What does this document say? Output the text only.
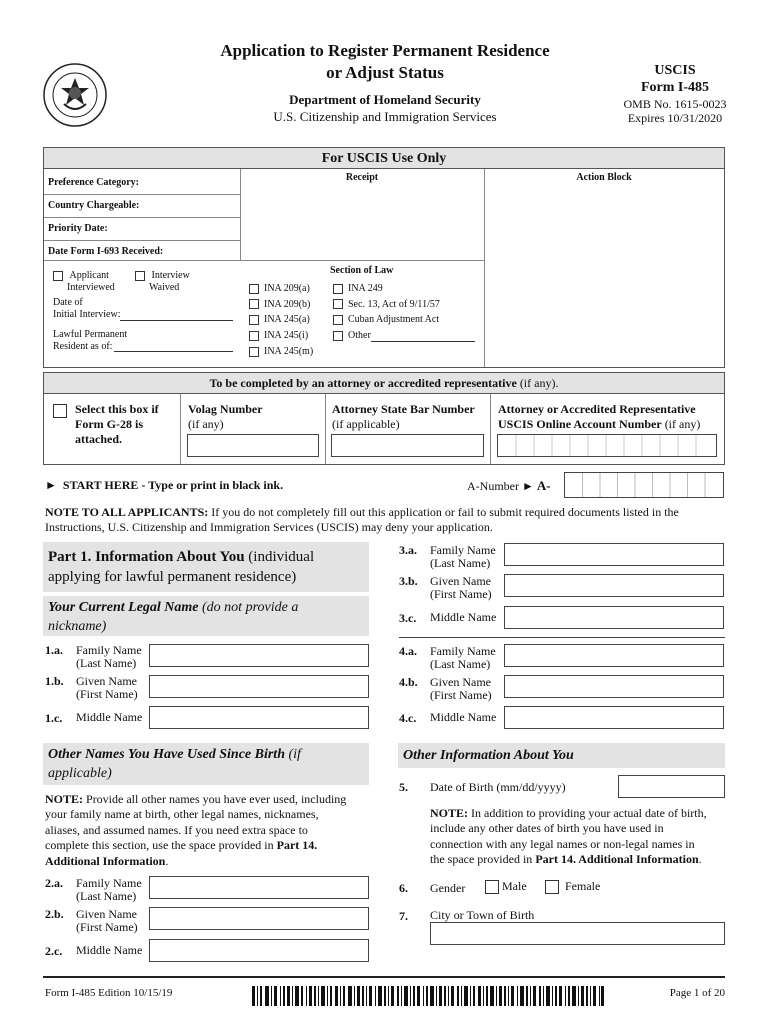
Application to Register Permanent Residence
or Adjust Status
Department of Homeland Security
U.S. Citizenship and Immigration Services
USCIS
Form I-485
OMB No. 1615-0023
Expires 10/31/2020
For USCIS Use Only
Receipt	Action Block
Preference Category:
Country Chargeable:
Priority Date:
Date Form I-693 Received:
Applicant
Interviewed
Interview
Waived
Date of
Initial Interview:
Lawful Permanent
Resident as of:
Section of Law
INA 209(a)
INA 209(b)
INA 245(a)
INA 245(i)
INA 245(m)
INA 249
Sec. 13, Act of 9/11/57
Cuban Adjustment Act
Other
To be completed by an attorney or accredited representative (if any).
Select this box if
Form G-28 is
attached.
Volag Number
(if any)
Attorney State Bar Number
(if applicable)
Attorney or Accredited Representative
USCIS Online Account Number (if any)
► START HERE - Type or print in black ink.	A-Number ► A-
NOTE TO ALL APPLICANTS: If you do not completely fill out this application or fail to submit required documents listed in the
Instructions, U.S. Citizenship and Immigration Services (USCIS) may deny your application.
Part 1. Information About You (individual
applying for lawful permanent residence)
Your Current Legal Name (do not provide a
nickname)
1.a. Family Name
(Last Name)
1.b. Given Name
(First Name)
1.c. Middle Name
Other Names You Have Used Since Birth (if
applicable)
NOTE: Provide all other names you have ever used, including
your family name at birth, other legal names, nicknames,
aliases, and assumed names. If you need extra space to
complete this section, use the space provided in Part 14.
Additional Information.
2.a. Family Name
(Last Name)
2.b. Given Name
(First Name)
2.c. Middle Name
3.a. Family Name
(Last Name)
3.b. Given Name
(First Name)
3.c. Middle Name
4.a. Family Name
(Last Name)
4.b. Given Name
(First Name)
4.c. Middle Name
Other Information About You
5. Date of Birth (mm/dd/yyyy)
NOTE: In addition to providing your actual date of birth,
include any other dates of birth you have used in
connection with any legal names or non-legal names in
the space provided in Part 14. Additional Information.
6. Gender	Male	Female
7. City or Town of Birth
Form I-485 Edition 10/15/19	Page 1 of 20
